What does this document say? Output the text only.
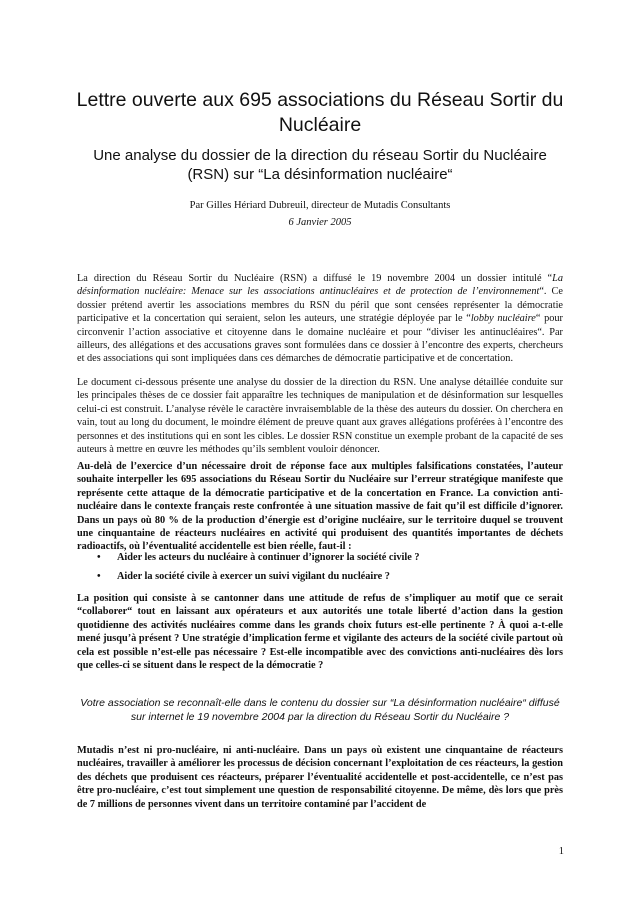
Lettre ouverte aux 695 associations du Réseau Sortir du Nucléaire
Une analyse du dossier de la direction du réseau Sortir du Nucléaire (RSN) sur “La désinformation nucléaire“

Par Gilles Hériard Dubreuil, directeur de Mutadis Consultants

6 Janvier 2005

La direction du Réseau Sortir du Nucléaire (RSN) a diffusé le 19 novembre 2004 un dossier intitulé “La désinformation nucléaire: Menace sur les associations antinucléaires et de protection de l’environnement“. Ce dossier prétend avertir les associations membres du RSN du péril que sont censées représenter la démocratie participative et la concertation qui seraient, selon les auteurs, une stratégie déployée par le “lobby nucléaire“ pour circonvenir l’action associative et citoyenne dans le domaine nucléaire et pour “diviser les antinucléaires“. Par ailleurs, des allégations et des accusations graves sont formulées dans ce dossier à l’encontre des experts, chercheurs et des associations qui sont impliquées dans ces démarches de démocratie participative et de concertation.

Le document ci-dessous présente une analyse du dossier de la direction du RSN. Une analyse détaillée conduite sur les principales thèses de ce dossier fait apparaître les techniques de manipulation et de désinformation sur lesquelles celui-ci est construit. L’analyse révèle le caractère invraisemblable de la thèse des auteurs du dossier. On cherchera en vain, tout au long du document, le moindre élément de preuve quant aux graves allégations proférées à l’encontre des personnes et des institutions qui en sont les cibles. Le dossier RSN constitue un exemple probant de la capacité de ses auteurs à mettre en œuvre les méthodes qu’ils semblent vouloir dénoncer.

Au-delà de l’exercice d’un nécessaire droit de réponse face aux multiples falsifications constatées, l’auteur souhaite interpeller les 695 associations du Réseau Sortir du Nucléaire sur l’erreur stratégique manifeste que représente cette attaque de la démocratie participative et de la concertation en France. La conviction anti-nucléaire dans le contexte français reste confrontée à une situation massive de fait qu’il est difficile d’ignorer. Dans un pays où 80 % de la production d’énergie est d’origine nucléaire, sur le territoire duquel se trouvent une cinquantaine de réacteurs nucléaires en activité qui produisent des quantités importantes de déchets radioactifs, où l’éventualité accidentelle est bien réelle, faut-il :

• Aider les acteurs du nucléaire à continuer d’ignorer la société civile ?
• Aider la société civile à exercer un suivi vigilant du nucléaire ?

La position qui consiste à se cantonner dans une attitude de refus de s’impliquer au motif que ce serait “collaborer“ tout en laissant aux opérateurs et aux autorités une totale liberté d’action dans la gestion quotidienne des activités nucléaires comme dans les grands choix futurs est-elle pertinente ? À quoi a-t-elle mené jusqu’à présent ? Une stratégie d’implication ferme et vigilante des acteurs de la société civile partout où cela est possible n’est-elle pas nécessaire ? Est-elle incompatible avec des convictions anti-nucléaires dès lors que celles-ci se situent dans le respect de la démocratie ?

Votre association se reconnaît-elle dans le contenu du dossier sur “La désinformation nucléaire“ diffusé sur internet le 19 novembre 2004 par la direction du Réseau Sortir du Nucléaire ?

Mutadis n’est ni pro-nucléaire, ni anti-nucléaire. Dans un pays où existent une cinquantaine de réacteurs nucléaires, travailler à améliorer les processus de décision concernant l’exploitation de ces réacteurs, la gestion des déchets que produisent ces réacteurs, préparer l’éventualité accidentelle et post-accidentelle, ce n’est pas être pro-nucléaire, c’est tout simplement une question de responsabilité citoyenne. De même, dès lors que près de 7 millions de personnes vivent dans un territoire contaminé par l’accident de

1
